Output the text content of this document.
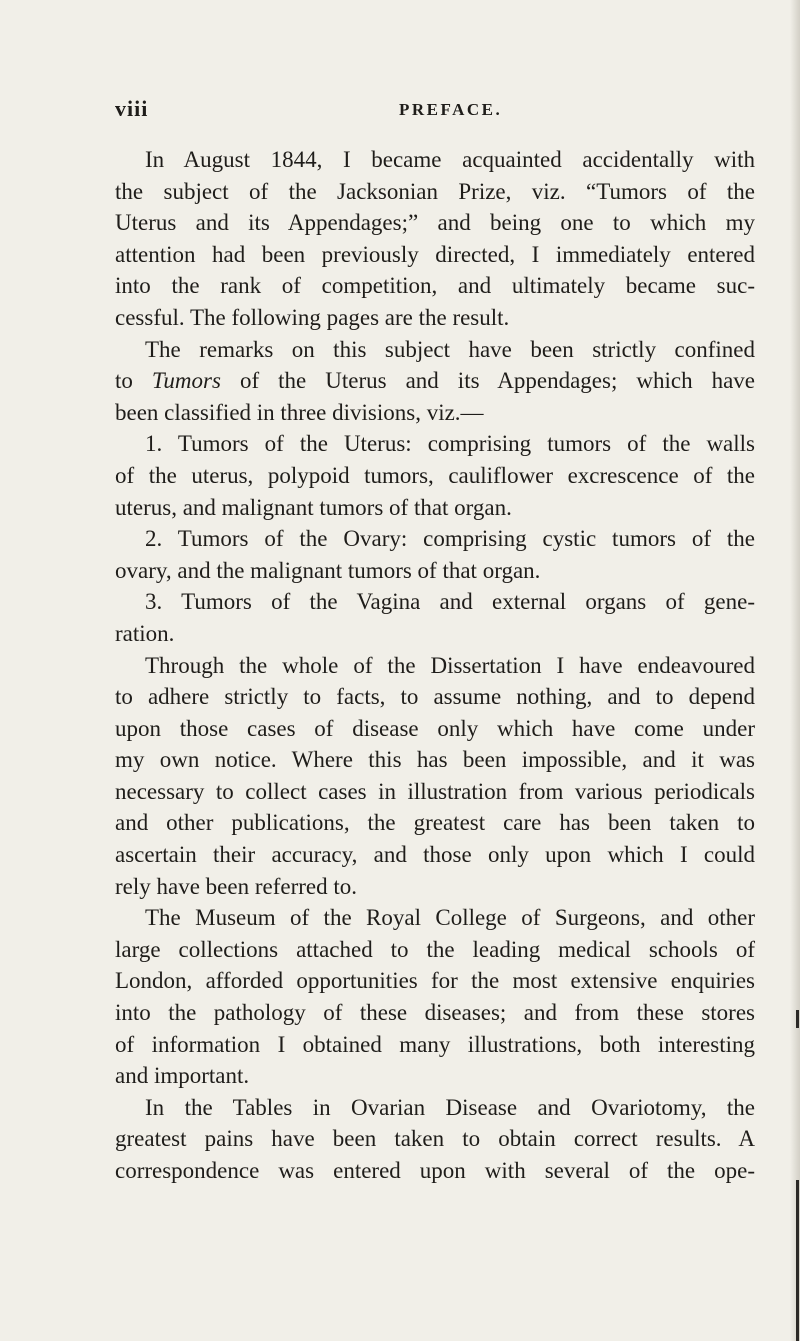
viii	PREFACE.
In August 1844, I became acquainted accidentally with
the subject of the Jacksonian Prize, viz. “Tumors of the
Uterus and its Appendages;” and being one to which my
attention had been previously directed, I immediately entered
into the rank of competition, and ultimately became suc-
cessful. The following pages are the result.
The remarks on this subject have been strictly confined
to Tumors of the Uterus and its Appendages; which have
been classified in three divisions, viz.—
1. Tumors of the Uterus: comprising tumors of the walls
of the uterus, polypoid tumors, cauliflower excrescence of the
uterus, and malignant tumors of that organ.
2. Tumors of the Ovary: comprising cystic tumors of the
ovary, and the malignant tumors of that organ.
3. Tumors of the Vagina and external organs of gene-
ration.
Through the whole of the Dissertation I have endeavoured
to adhere strictly to facts, to assume nothing, and to depend
upon those cases of disease only which have come under
my own notice. Where this has been impossible, and it was
necessary to collect cases in illustration from various periodicals
and other publications, the greatest care has been taken to
ascertain their accuracy, and those only upon which I could
rely have been referred to.
The Museum of the Royal College of Surgeons, and other
large collections attached to the leading medical schools of
London, afforded opportunities for the most extensive enquiries
into the pathology of these diseases; and from these stores
of information I obtained many illustrations, both interesting
and important.
In the Tables in Ovarian Disease and Ovariotomy, the
greatest pains have been taken to obtain correct results. A
correspondence was entered upon with several of the ope-
